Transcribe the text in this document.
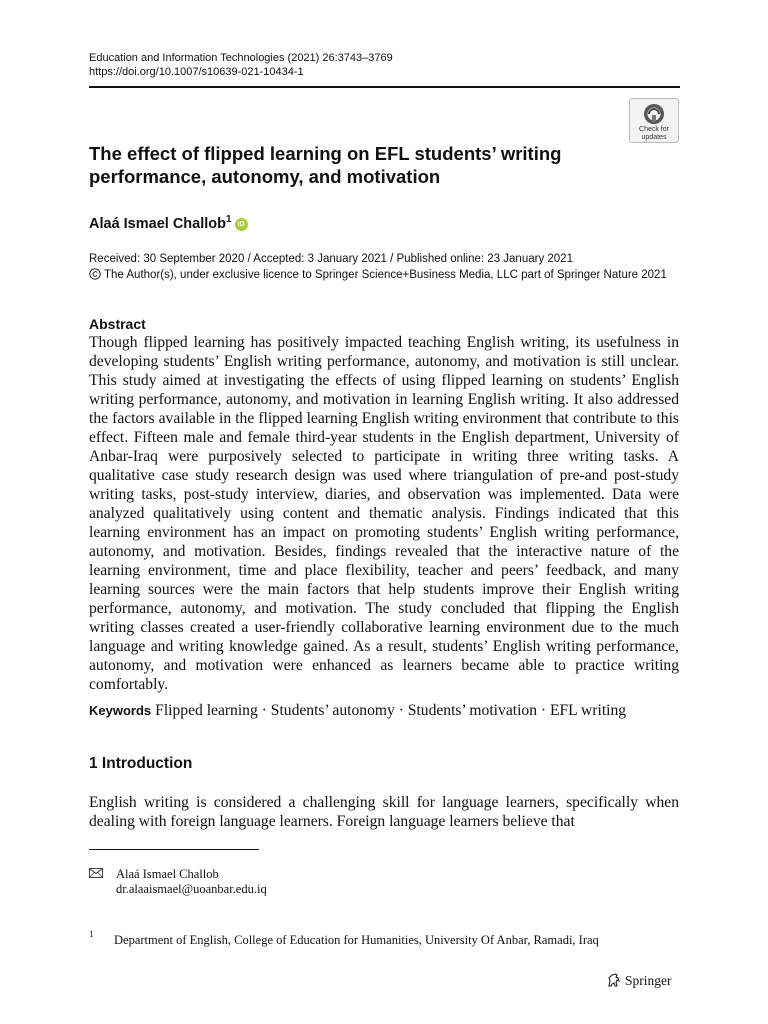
Education and Information Technologies (2021) 26:3743–3769
https://doi.org/10.1007/s10639-021-10434-1
Check for
updates
The effect of flipped learning on EFL students’ writing
performance, autonomy, and motivation
Alaá Ismael Challob$^1$ iD
Received: 30 September 2020 / Accepted: 3 January 2021 / Published online: 23 January 2021
The Author(s), under exclusive licence to Springer Science+Business Media, LLC part of Springer Nature 2021
Abstract
Though flipped learning has positively impacted teaching English writing, its usefulness in developing students’ English writing performance, autonomy, and motivation is still unclear. This study aimed at investigating the effects of using flipped learning on students’ English writing performance, autonomy, and motivation in learning English writing. It also addressed the factors available in the flipped learning English writing environment that contribute to this effect. Fifteen male and female third-year students in the English department, University of Anbar-Iraq were purposively selected to participate in writing three writing tasks. A qualitative case study research design was used where triangulation of pre-and post-study writing tasks, post-study interview, diaries, and observation was implemented. Data were analyzed qualitatively using content and thematic analysis. Findings indicated that this learning environment has an impact on promoting students’ English writing performance, autonomy, and motivation. Besides, findings revealed that the interactive nature of the learning environment, time and place flexibility, teacher and peers’ feedback, and many learning sources were the main factors that help students improve their English writing performance, autonomy, and motivation. The study concluded that flipping the English writing classes created a user-friendly collaborative learning environment due to the much language and writing knowledge gained. As a result, students’ English writing performance, autonomy, and motivation were enhanced as learners became able to practice writing comfortably.
Keywords Flipped learning · Students’ autonomy · Students’ motivation · EFL writing
1 Introduction
English writing is considered a challenging skill for language learners, specifically when dealing with foreign language learners. Foreign language learners believe that
Alaá Ismael Challob
dr.alaaismael@uoanbar.edu.iq
1 Department of English, College of Education for Humanities, University Of Anbar, Ramadi, Iraq
Springer
